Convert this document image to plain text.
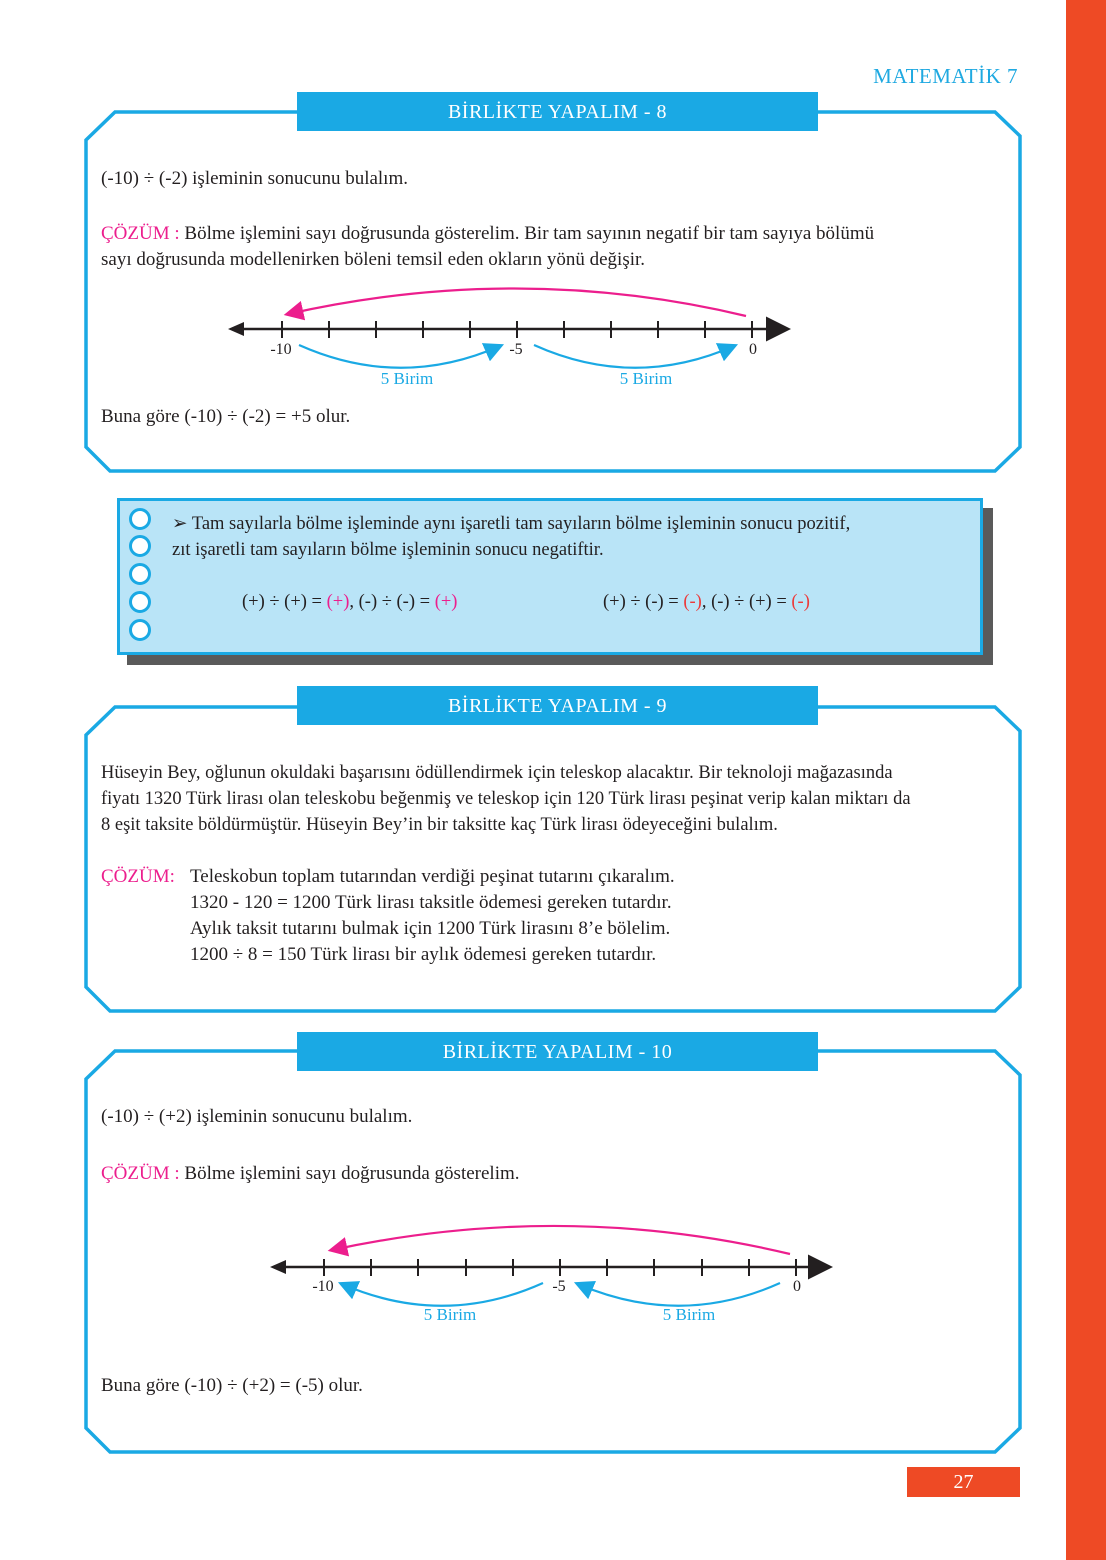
MATEMATİK 7
BİRLİKTE YAPALIM - 8
(-10) ÷ (-2) işleminin sonucunu bulalım.
ÇÖZÜM : Bölme işlemini sayı doğrusunda gösterelim. Bir tam sayının negatif bir tam sayıya bölümü
sayı doğrusunda modellenirken böleni temsil eden okların yönü değişir.
-10	-5	0
5 Birim	5 Birim
Buna göre (-10) ÷ (-2) = +5 olur.
➢ Tam sayılarla bölme işleminde aynı işaretli tam sayıların bölme işleminin sonucu pozitif,
zıt işaretli tam sayıların bölme işleminin sonucu negatiftir.
(+) ÷ (+) = (+), (-) ÷ (-) = (+)	(+) ÷ (-) = (-), (-) ÷ (+) = (-)
BİRLİKTE YAPALIM - 9
Hüseyin Bey, oğlunun okuldaki başarısını ödüllendirmek için teleskop alacaktır. Bir teknoloji mağazasında
fiyatı 1320 Türk lirası olan teleskobu beğenmiş ve teleskop için 120 Türk lirası peşinat verip kalan miktarı da
8 eşit taksite böldürmüştür. Hüseyin Bey’in bir taksitte kaç Türk lirası ödeyeceğini bulalım.
ÇÖZÜM: Teleskobun toplam tutarından verdiği peşinat tutarını çıkaralım.
1320 - 120 = 1200 Türk lirası taksitle ödemesi gereken tutardır.
Aylık taksit tutarını bulmak için 1200 Türk lirasını 8’e bölelim.
1200 ÷ 8 = 150 Türk lirası bir aylık ödemesi gereken tutardır.
BİRLİKTE YAPALIM - 10
(-10) ÷ (+2) işleminin sonucunu bulalım.
ÇÖZÜM : Bölme işlemini sayı doğrusunda gösterelim.
-10	-5	0
5 Birim	5 Birim
Buna göre (-10) ÷ (+2) = (-5) olur.
27
